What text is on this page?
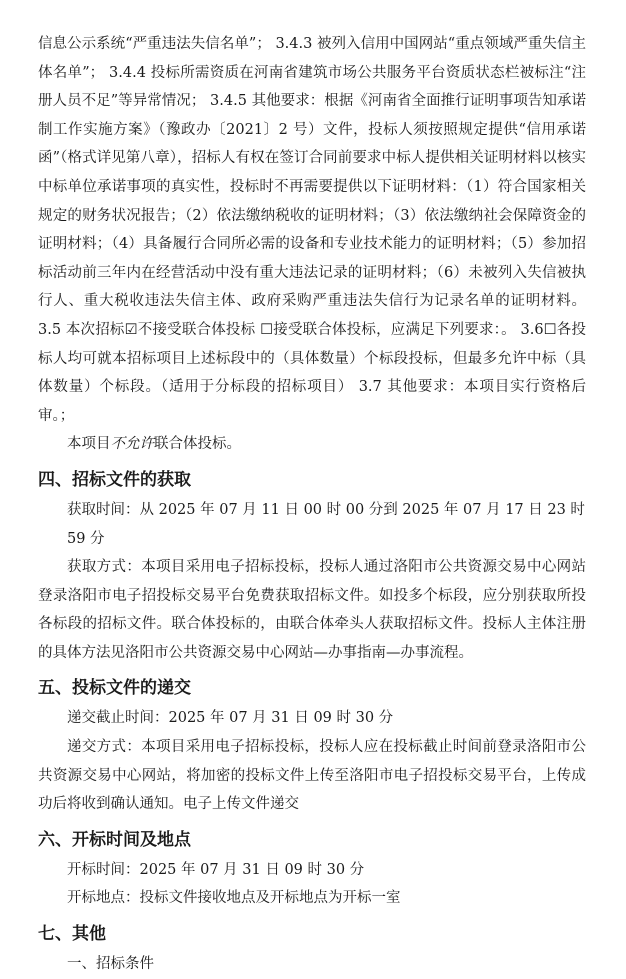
信息公示系统“严重违法失信名单”； 3.4.3 被列入信用中国网站“重点领域严重失信主体名单”； 3.4.4 投标所需资质在河南省建筑市场公共服务平台资质状态栏被标注“注册人员不足”等异常情况； 3.4.5 其他要求：根据《河南省全面推行证明事项告知承诺制工作实施方案》（豫政办〔2021〕2 号）文件，投标人须按照规定提供“信用承诺函”（格式详见第八章），招标人有权在签订合同前要求中标人提供相关证明材料以核实中标单位承诺事项的真实性，投标时不再需要提供以下证明材料：（1）符合国家相关规定的财务状况报告；（2）依法缴纳税收的证明材料；（3）依法缴纳社会保障资金的证明材料；（4）具备履行合同所必需的设备和专业技术能力的证明材料；（5）参加招标活动前三年内在经营活动中没有重大违法记录的证明材料；（6）未被列入失信被执行人、重大税收违法失信主体、政府采购严重违法失信行为记录名单的证明材料。 3.5 本次招标☑不接受联合体投标 ☐接受联合体投标，应满足下列要求：。 3.6☐各投标人均可就本招标项目上述标段中的（具体数量）个标段投标，但最多允许中标（具体数量）个标段。（适用于分标段的招标项目） 3.7 其他要求：本项目实行资格后审。；

本项目不允许联合体投标。

四、招标文件的获取

获取时间：从 2025 年 07 月 11 日 00 时 00 分到 2025 年 07 月 17 日 23 时 59 分

获取方式：本项目采用电子招标投标，投标人通过洛阳市公共资源交易中心网站登录洛阳市电子招投标交易平台免费获取招标文件。如投多个标段，应分别获取所投各标段的招标文件。联合体投标的，由联合体牵头人获取招标文件。投标人主体注册的具体方法见洛阳市公共资源交易中心网站—办事指南—办事流程。

五、投标文件的递交

递交截止时间：2025 年 07 月 31 日 09 时 30 分

递交方式：本项目采用电子招标投标，投标人应在投标截止时间前登录洛阳市公共资源交易中心网站，将加密的投标文件上传至洛阳市电子招投标交易平台，上传成功后将收到确认通知。电子上传文件递交

六、开标时间及地点

开标时间：2025 年 07 月 31 日 09 时 30 分

开标地点：投标文件接收地点及开标地点为开标一室

七、其他

一、招标条件
